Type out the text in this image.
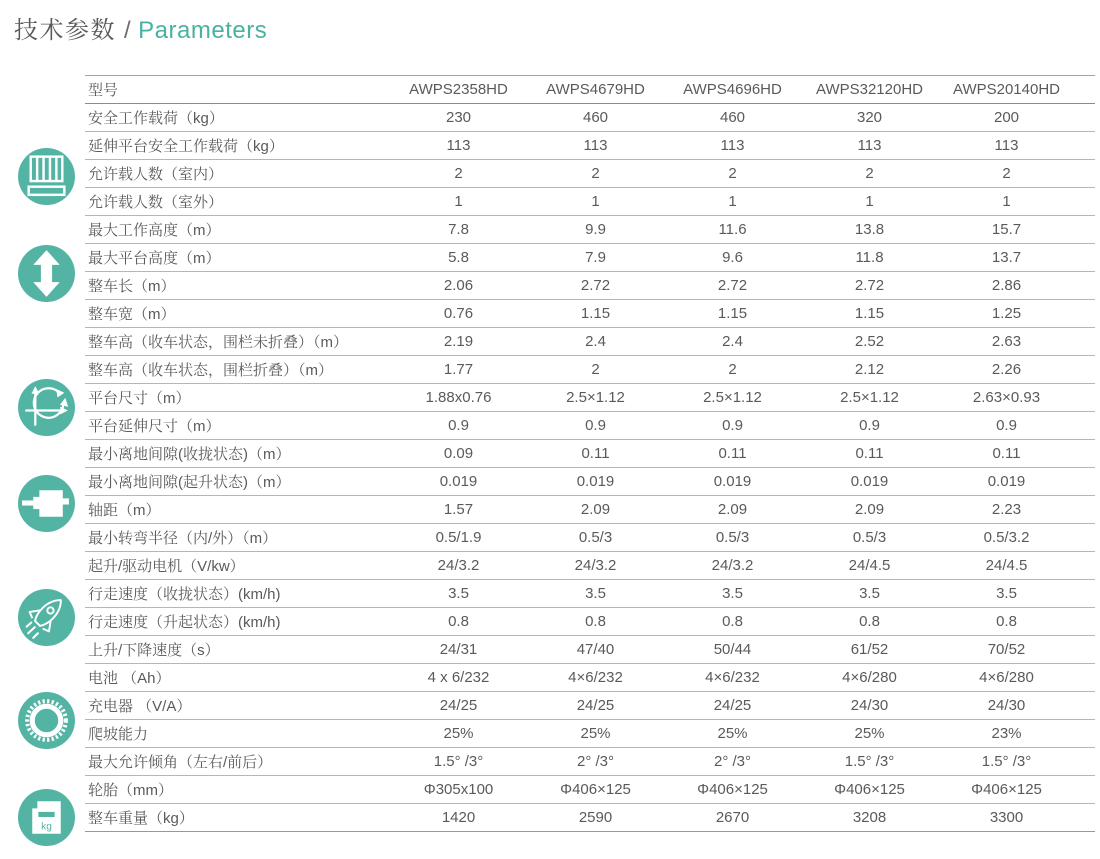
技术参数 / Parameters
kg
型号	AWPS2358HD	AWPS4679HD	AWPS4696HD	AWPS32120HD	AWPS20140HD	
安全工作载荷（kg）	230	460	460	320	200	
延伸平台安全工作载荷（kg）	113	113	113	113	113	
允许载人数（室内）	2	2	2	2	2	
允许载人数（室外）	1	1	1	1	1	
最大工作高度（m）	7.8	9.9	11.6	13.8	15.7	
最大平台高度（m）	5.8	7.9	9.6	11.8	13.7	
整车长（m）	2.06	2.72	2.72	2.72	2.86	
整车宽（m）	0.76	1.15	1.15	1.15	1.25	
整车高（收车状态，围栏未折叠）（m）	2.19	2.4	2.4	2.52	2.63	
整车高（收车状态，围栏折叠）（m）	1.77	2	2	2.12	2.26	
平台尺寸（m）	1.88x0.76	2.5×1.12	2.5×1.12	2.5×1.12	2.63×0.93	
平台延伸尺寸（m）	0.9	0.9	0.9	0.9	0.9	
最小离地间隙(收拢状态)（m）	0.09	0.11	0.11	0.11	0.11	
最小离地间隙(起升状态)（m）	0.019	0.019	0.019	0.019	0.019	
轴距（m）	1.57	2.09	2.09	2.09	2.23	
最小转弯半径（内/外）（m）	0.5/1.9	0.5/3	0.5/3	0.5/3	0.5/3.2	
起升/驱动电机（V/kw）	24/3.2	24/3.2	24/3.2	24/4.5	24/4.5	
行走速度（收拢状态）(km/h)	3.5	3.5	3.5	3.5	3.5	
行走速度（升起状态）(km/h)	0.8	0.8	0.8	0.8	0.8	
上升/下降速度（s）	24/31	47/40	50/44	61/52	70/52	
电池 （Ah）	4 x 6/232	4×6/232	4×6/232	4×6/280	4×6/280	
充电器 （V/A）	24/25	24/25	24/25	24/30	24/30	
爬坡能力	25%	25%	25%	25%	23%	
最大允许倾角（左右/前后）	1.5° /3°	2° /3°	2° /3°	1.5° /3°	1.5° /3°	
轮胎（mm）	Φ305x100	Φ406×125	Φ406×125	Φ406×125	Φ406×125	
整车重量（kg）	1420	2590	2670	3208	3300	
